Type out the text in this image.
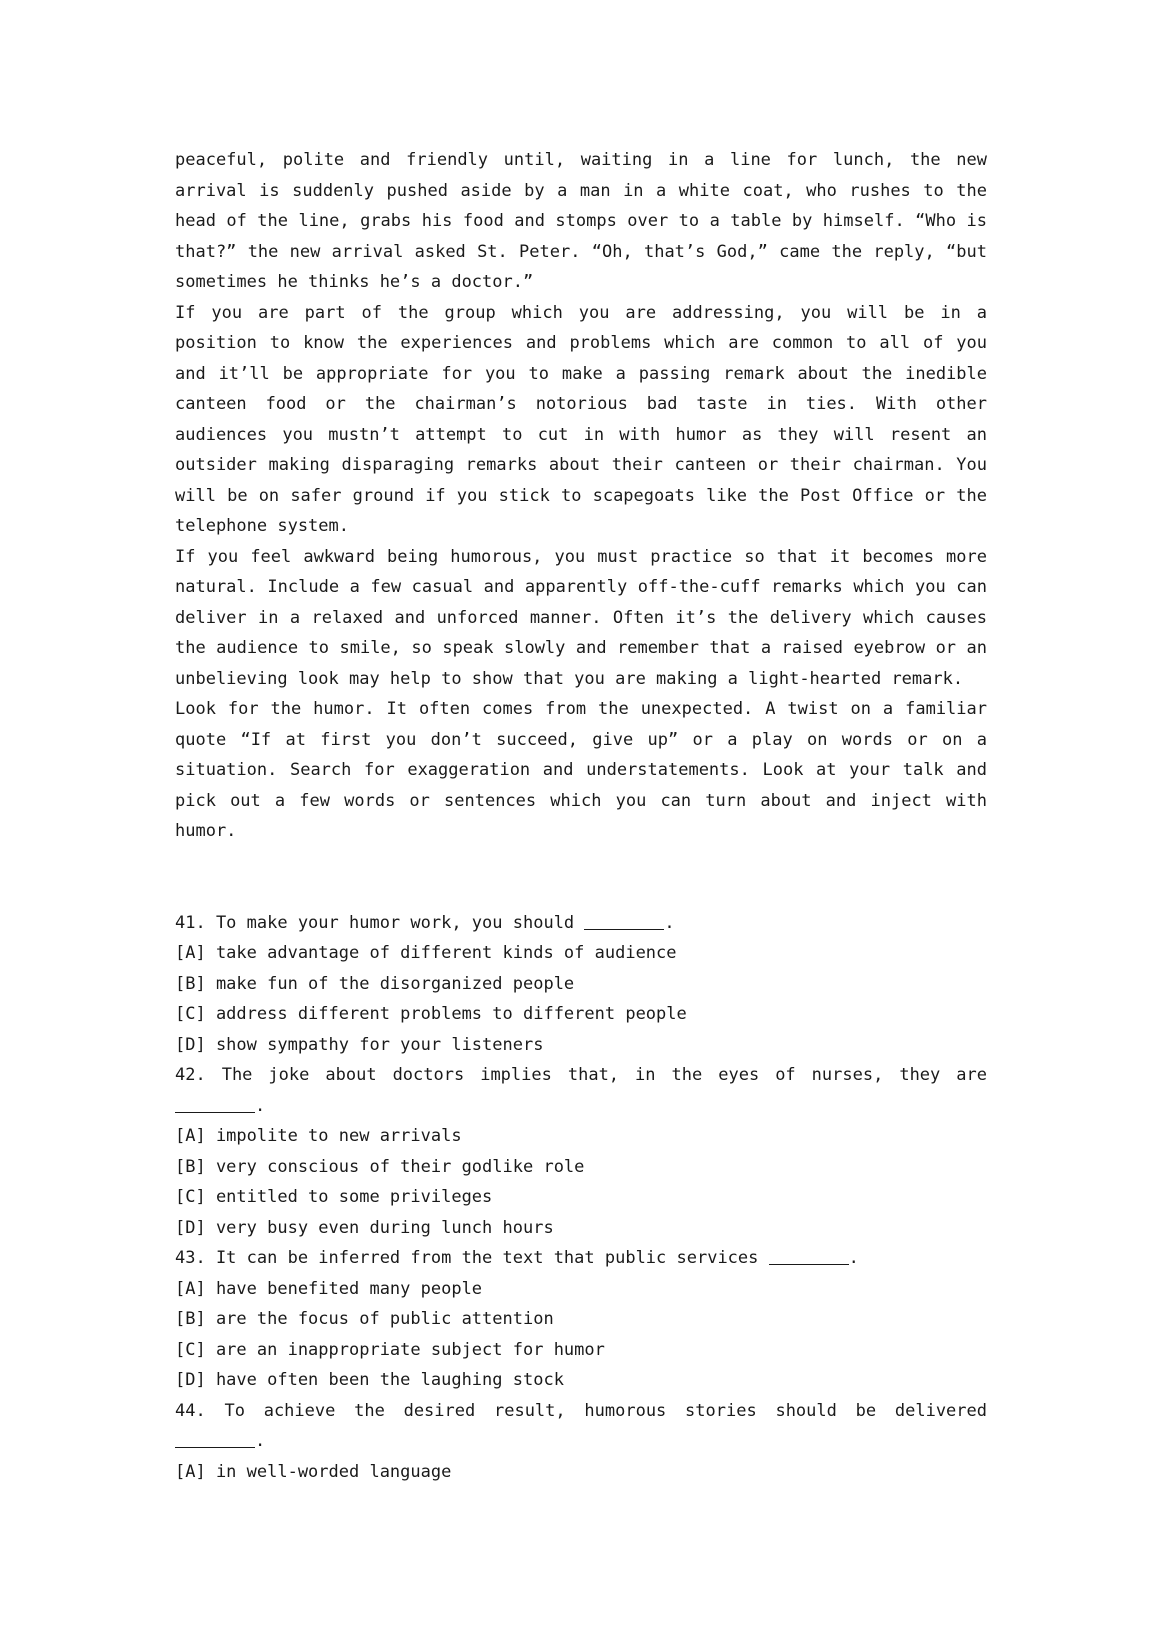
peaceful, polite and friendly until, waiting in a line for lunch, the new arrival is suddenly pushed aside by a man in a white coat, who rushes to the head of the line, grabs his food and stomps over to a table by himself. “Who is that?” the new arrival asked St. Peter. “Oh, that’s God,” came the reply, “but sometimes he thinks he’s a doctor.”

If you are part of the group which you are addressing, you will be in a position to know the experiences and problems which are common to all of you and it’ll be appropriate for you to make a passing remark about the inedible canteen food or the chairman’s notorious bad taste in ties. With other audiences you mustn’t attempt to cut in with humor as they will resent an outsider making disparaging remarks about their canteen or their chairman. You will be on safer ground if you stick to scapegoats like the Post Office or the telephone system.

If you feel awkward being humorous, you must practice so that it becomes more natural. Include a few casual and apparently off-the-cuff remarks which you can deliver in a relaxed and unforced manner. Often it’s the delivery which causes the audience to smile, so speak slowly and remember that a raised eyebrow or an unbelieving look may help to show that you are making a light-hearted remark.

Look for the humor. It often comes from the unexpected. A twist on a familiar quote “If at first you don’t succeed, give up” or a play on words or on a situation. Search for exaggeration and understatements. Look at your talk and pick out a few words or sentences which you can turn about and inject with humor.

41. To make your humor work, you should	.

[A] take advantage of different kinds of audience

[B] make fun of the disorganized people

[C] address different problems to different people

[D] show sympathy for your listeners

42. The joke about doctors implies that, in the eyes of nurses, they are

.

[A] impolite to new arrivals

[B] very conscious of their godlike role

[C] entitled to some privileges

[D] very busy even during lunch hours

43. It can be inferred from the text that public services	.

[A] have benefited many people

[B] are the focus of public attention

[C] are an inappropriate subject for humor

[D] have often been the laughing stock

44. To achieve the desired result, humorous stories should be delivered

.

[A] in well-worded language
